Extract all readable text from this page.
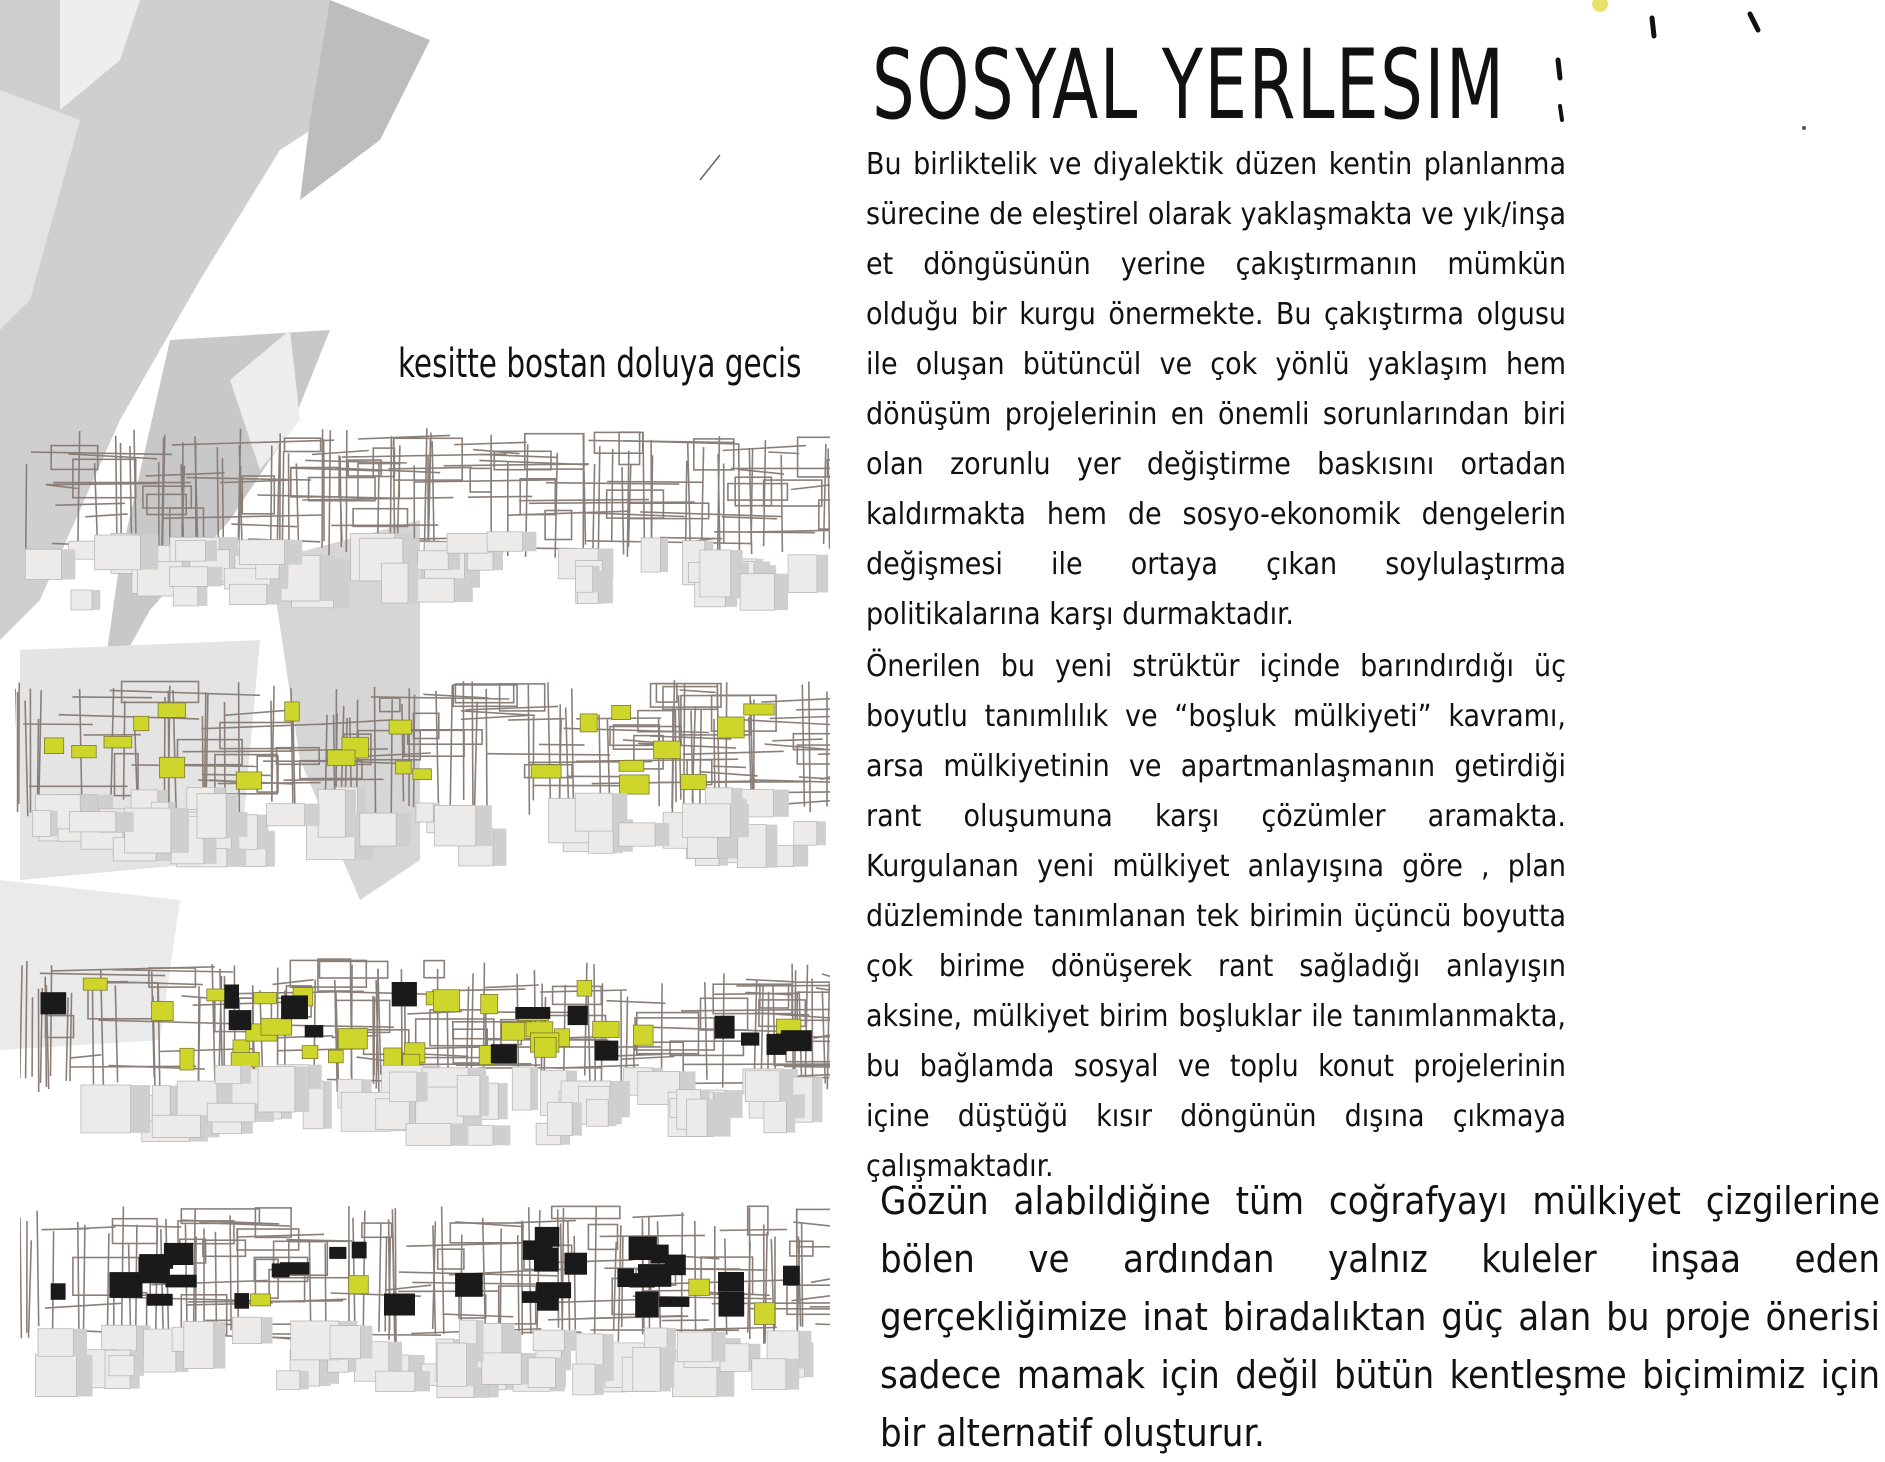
SOSYAL YERLESIM

kesitte bostan doluya gecis

Bu birliktelik ve diyalektik düzen kentin planlanma sürecine de eleştirel olarak yaklaşmakta ve yık/inşa et döngüsünün yerine çakıştırmanın mümkün olduğu bir kurgu önermekte. Bu çakıştırma olgusu ile oluşan bütüncül ve çok yönlü yaklaşım hem dönüşüm projelerinin en önemli sorunlarından biri olan zorunlu yer değiştirme baskısını ortadan kaldırmakta hem de sosyo-ekonomik dengelerin değişmesi ile ortaya çıkan soylulaştırma politikalarına karşı durmaktadır.

Önerilen bu yeni strüktür içinde barındırdığı üç boyutlu tanımlılık ve “boşluk mülkiyeti” kavramı, arsa mülkiyetinin ve apartmanlaşmanın getirdiği rant oluşumuna karşı çözümler aramakta. Kurgulanan yeni mülkiyet anlayışına göre , plan düzleminde tanımlanan tek birimin üçüncü boyutta çok birime dönüşerek rant sağladığı anlayışın aksine, mülkiyet birim boşluklar ile tanımlanmakta, bu bağlamda sosyal ve toplu konut projelerinin içine düştüğü kısır döngünün dışına çıkmaya çalışmaktadır.

Gözün alabildiğine tüm coğrafyayı mülkiyet çizgilerine bölen ve ardından yalnız kuleler inşaa eden gerçekliğimize inat biradalıktan güç alan bu proje önerisi sadece mamak için değil bütün kentleşme biçimimiz için bir alternatif oluşturur.
